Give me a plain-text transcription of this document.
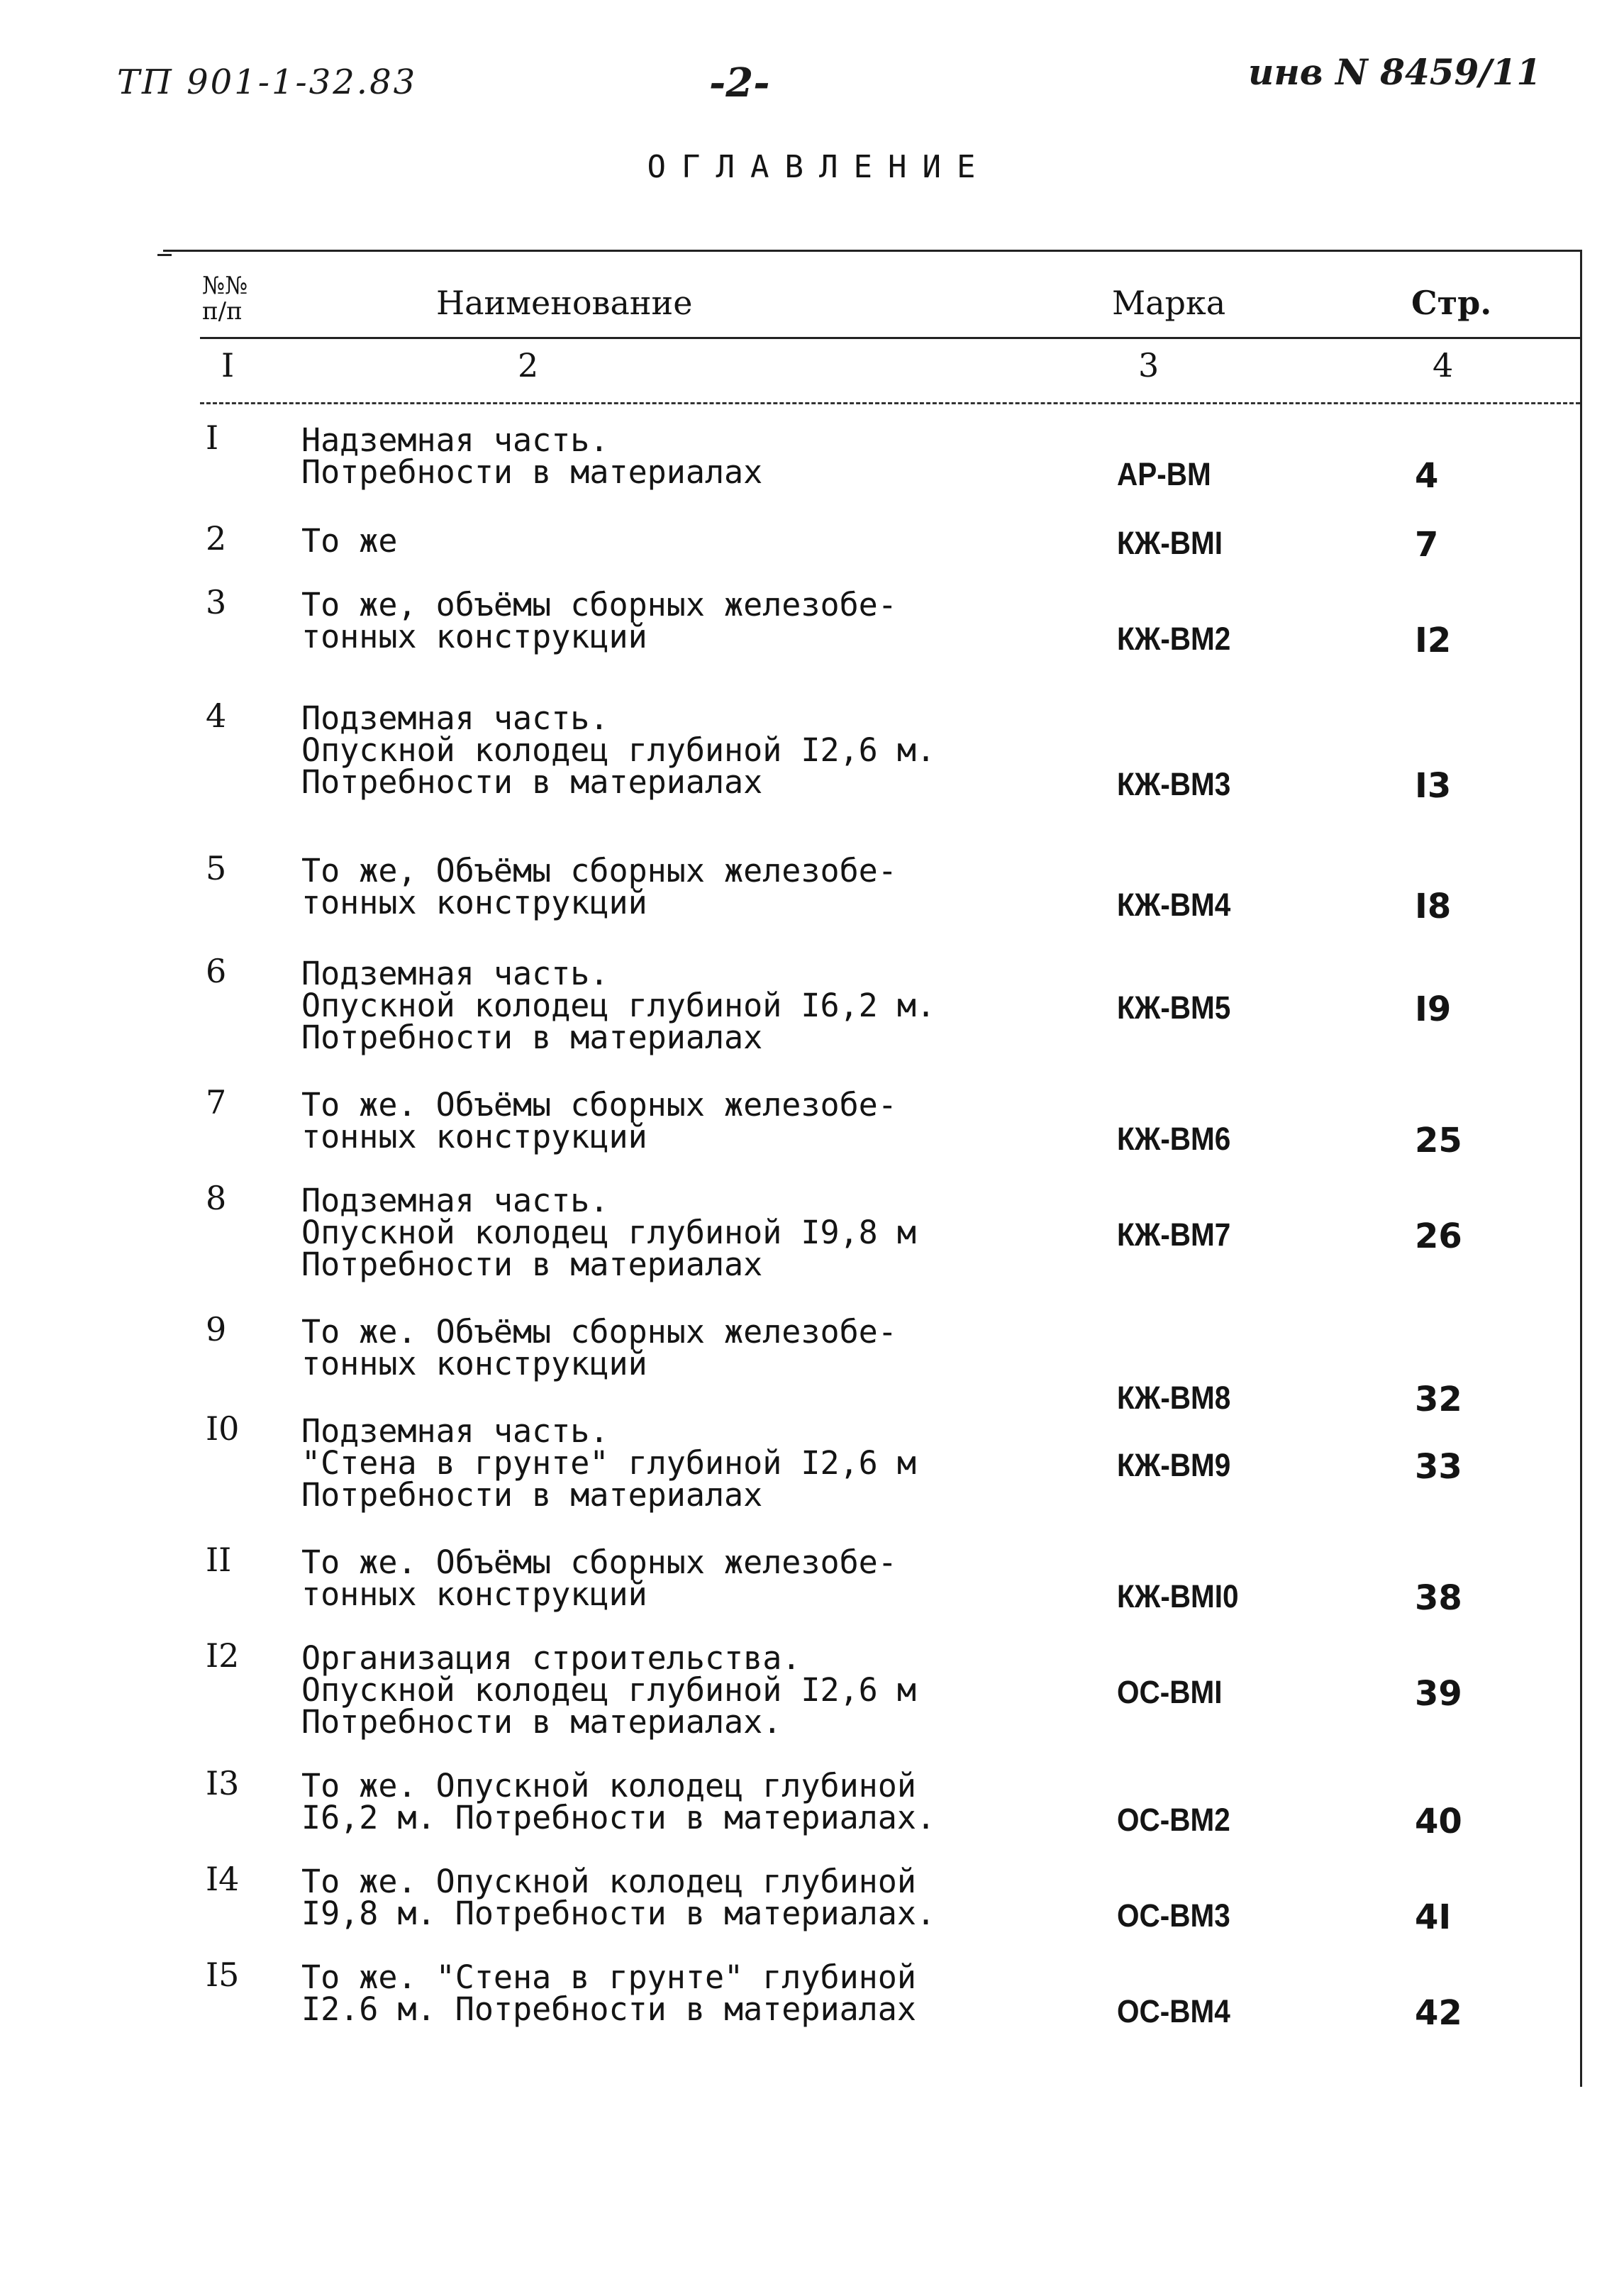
ТП 901-1-32.83	-2-	инв N 8459/11
ОГЛАВЛЕНИЕ
№№ п/п	Наименование	Марка	Стр.
I	2	3	4
I	Надземная часть.
Потребности в материалах	АР-ВМ	4
2 То же	КЖ-ВМI	7
3 То же, объёмы сборных железобе-
тонных конструкций	КЖ-ВМ2	I2
4 Подземная часть.
Опускной колодец глубиной I2,6 м.
Потребности в материалах	КЖ-ВМ3	I3
5 То же, Объёмы сборных железобе-
тонных конструкций	КЖ-ВМ4	I8
6 Подземная часть.
Опускной колодец глубиной I6,2 м.
Потребности в материалах
КЖ-ВМ5	I9
7 То же. Объёмы сборных железобе-
тонных конструкций	КЖ-ВМ6	25
8 Подземная часть.
Опускной колодец глубиной I9,8 м
Потребности в материалах
КЖ-ВМ7	26
9 То же. Объёмы сборных железобе-
тонных конструкций
КЖ-ВМ8	32
I0 Подземная часть.
"Стена в грунте" глубиной I2,6 м
Потребности в материалах
КЖ-ВМ9	33
II То же. Объёмы сборных железобе-
тонных конструкций	КЖ-ВМI0	38
I2 Организация строительства.
Опускной колодец глубиной I2,6 м
Потребности в материалах.
ОС-ВМI	39
I3 То же. Опускной колодец глубиной
I6,2 м. Потребности в материалах.	ОС-ВМ2	40
I4 То же. Опускной колодец глубиной
I9,8 м. Потребности в материалах.	ОС-ВМ3	4I
I5 То же. "Стена в грунте" глубиной
I2.6 м. Потребности в материалах	ОС-ВМ4	42
